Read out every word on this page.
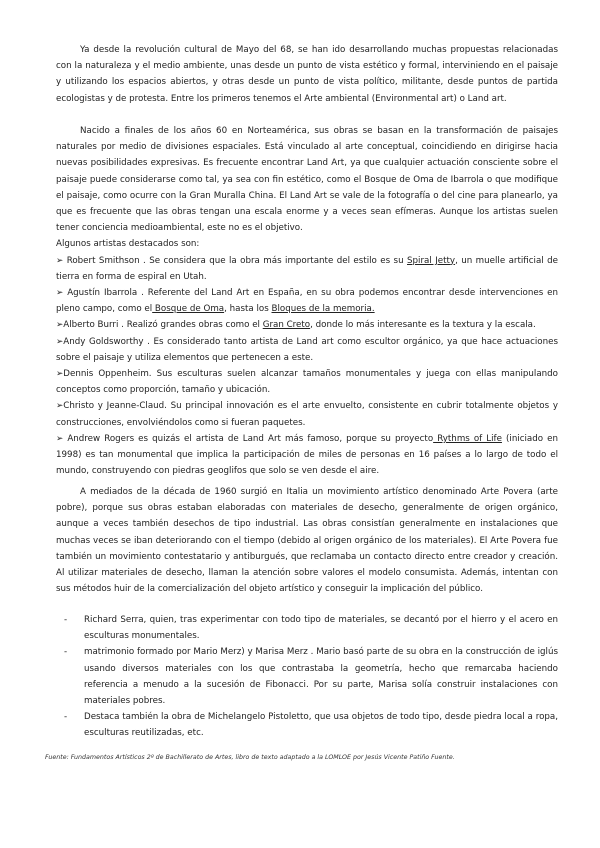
Ya desde la revolución cultural de Mayo del 68, se han ido desarrollando muchas propuestas relacionadas con la naturaleza y el medio ambiente, unas desde un punto de vista estético y formal, interviniendo en el paisaje y utilizando los espacios abiertos, y otras desde un punto de vista político, militante, desde puntos de partida ecologistas y de protesta. Entre los primeros tenemos el Arte ambiental (Environmental art) o Land art.

Nacido a finales de los años 60 en Norteamérica, sus obras se basan en la transformación de paisajes naturales por medio de divisiones espaciales. Está vinculado al arte conceptual, coincidiendo en dirigirse hacia nuevas posibilidades expresivas. Es frecuente encontrar Land Art, ya que cualquier actuación consciente sobre el paisaje puede considerarse como tal, ya sea con fin estético, como el Bosque de Oma de Ibarrola o que modifique el paisaje, como ocurre con la Gran Muralla China. El Land Art se vale de la fotografía o del cine para planearlo, ya que es frecuente que las obras tengan una escala enorme y a veces sean efímeras. Aunque los artistas suelen tener conciencia medioambiental, este no es el objetivo.

Algunos artistas destacados son:

➢ Robert Smithson . Se considera que la obra más importante del estilo es su Spiral Jetty, un muelle artificial de tierra en forma de espiral en Utah.

➢ Agustín Ibarrola . Referente del Land Art en España, en su obra podemos encontrar desde intervenciones en pleno campo, como el Bosque de Oma, hasta los Bloques de la memoria.

➢Alberto Burri . Realizó grandes obras como el Gran Creto, donde lo más interesante es la textura y la escala.

➢Andy Goldsworthy . Es considerado tanto artista de Land art como escultor orgánico, ya que hace actuaciones sobre el paisaje y utiliza elementos que pertenecen a este.

➢Dennis Oppenheim. Sus esculturas suelen alcanzar tamaños monumentales y juega con ellas manipulando conceptos como proporción, tamaño y ubicación.

➢Christo y Jeanne-Claud. Su principal innovación es el arte envuelto, consistente en cubrir totalmente objetos y construcciones, envolviéndolos como si fueran paquetes.

➢ Andrew Rogers es quizás el artista de Land Art más famoso, porque su proyecto Rythms of Life (iniciado en 1998) es tan monumental que implica la participación de miles de personas en 16 países a lo largo de todo el mundo, construyendo con piedras geoglifos que solo se ven desde el aire.

A mediados de la década de 1960 surgió en Italia un movimiento artístico denominado Arte Povera (arte pobre), porque sus obras estaban elaboradas con materiales de desecho, generalmente de origen orgánico, aunque a veces también desechos de tipo industrial. Las obras consistían generalmente en instalaciones que muchas veces se iban deteriorando con el tiempo (debido al origen orgánico de los materiales). El Arte Povera fue también un movimiento contestatario y antiburgués, que reclamaba un contacto directo entre creador y creación. Al utilizar materiales de desecho, llaman la atención sobre valores el modelo consumista. Además, intentan con sus métodos huir de la comercialización del objeto artístico y conseguir la implicación del público.

- Richard Serra, quien, tras experimentar con todo tipo de materiales, se decantó por el hierro y el acero en esculturas monumentales.
- matrimonio formado por Mario Merz) y Marisa Merz . Mario basó parte de su obra en la construcción de iglús usando diversos materiales con los que contrastaba la geometría, hecho que remarcaba haciendo referencia a menudo a la sucesión de Fibonacci. Por su parte, Marisa solía construir instalaciones con materiales pobres.
- Destaca también la obra de Michelangelo Pistoletto, que usa objetos de todo tipo, desde piedra local a ropa, esculturas reutilizadas, etc.
Fuente: Fundamentos Artísticos 2º de Bachillerato de Artes, libro de texto adaptado a la LOMLOE por Jesús Vicente Patiño Fuente.
